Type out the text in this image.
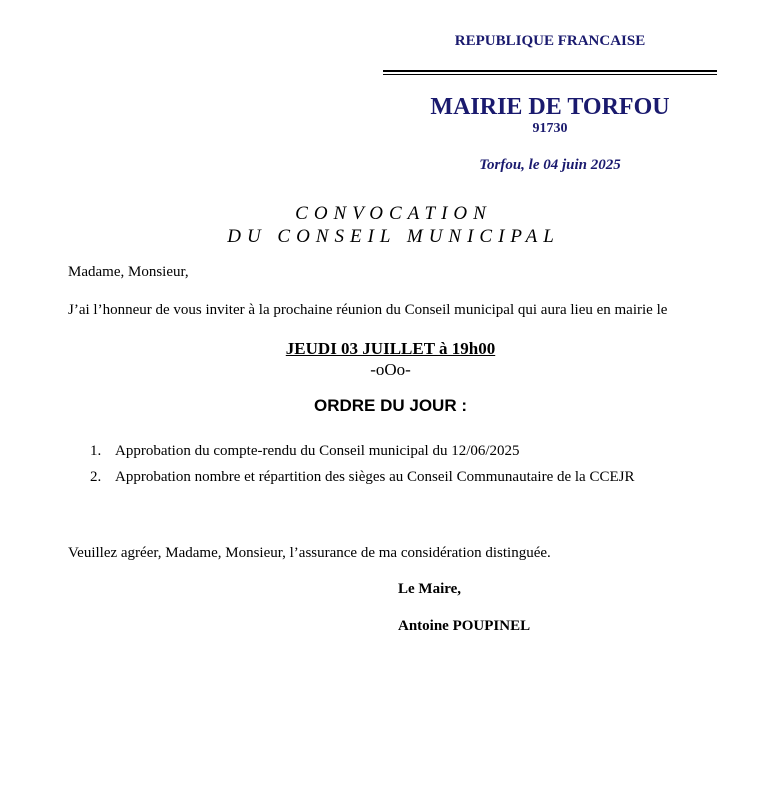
REPUBLIQUE FRANCAISE
MAIRIE DE TORFOU
91730
Torfou, le 04 juin 2025
CONVOCATION
DU CONSEIL MUNICIPAL
Madame, Monsieur,
J’ai l’honneur de vous inviter à la prochaine réunion du Conseil municipal qui aura lieu en mairie le
JEUDI 03 JUILLET à 19h00
-oOo-
ORDRE DU JOUR :
1. Approbation du compte-rendu du Conseil municipal du 12/06/2025
2. Approbation nombre et répartition des sièges au Conseil Communautaire de la CCEJR
Veuillez agréer, Madame, Monsieur, l’assurance de ma considération distinguée.
Le Maire,
Antoine POUPINEL
